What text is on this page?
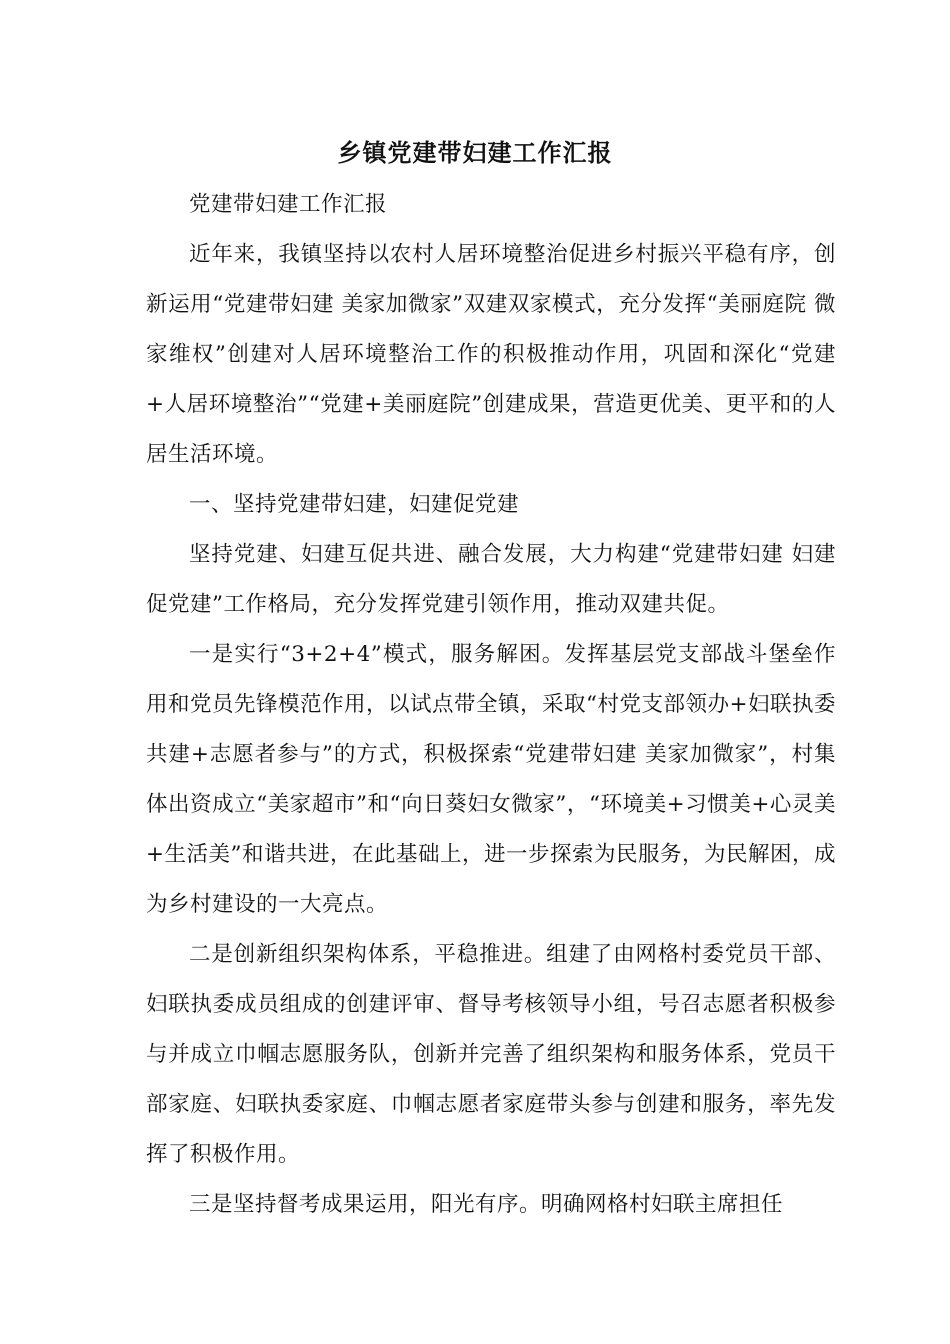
乡镇党建带妇建工作汇报

党建带妇建工作汇报

近年来，我镇坚持以农村人居环境整治促进乡村振兴平稳有序，创新运用“党建带妇建 美家加微家”双建双家模式，充分发挥“美丽庭院 微家维权”创建对人居环境整治工作的积极推动作用，巩固和深化“党建+人居环境整治”“党建+美丽庭院”创建成果，营造更优美、更平和的人居生活环境。

一、坚持党建带妇建，妇建促党建

坚持党建、妇建互促共进、融合发展，大力构建“党建带妇建 妇建促党建”工作格局，充分发挥党建引领作用，推动双建共促。

一是实行“3+2+4”模式，服务解困。发挥基层党支部战斗堡垒作用和党员先锋模范作用，以试点带全镇，采取“村党支部领办+妇联执委共建+志愿者参与”的方式，积极探索“党建带妇建 美家加微家”，村集体出资成立“美家超市”和“向日葵妇女微家”，“环境美+习惯美+心灵美+生活美”和谐共进，在此基础上，进一步探索为民服务，为民解困，成为乡村建设的一大亮点。

二是创新组织架构体系，平稳推进。组建了由网格村委党员干部、妇联执委成员组成的创建评审、督导考核领导小组，号召志愿者积极参与并成立巾帼志愿服务队，创新并完善了组织架构和服务体系，党员干部家庭、妇联执委家庭、巾帼志愿者家庭带头参与创建和服务，率先发挥了积极作用。

三是坚持督考成果运用，阳光有序。明确网格村妇联主席担任
